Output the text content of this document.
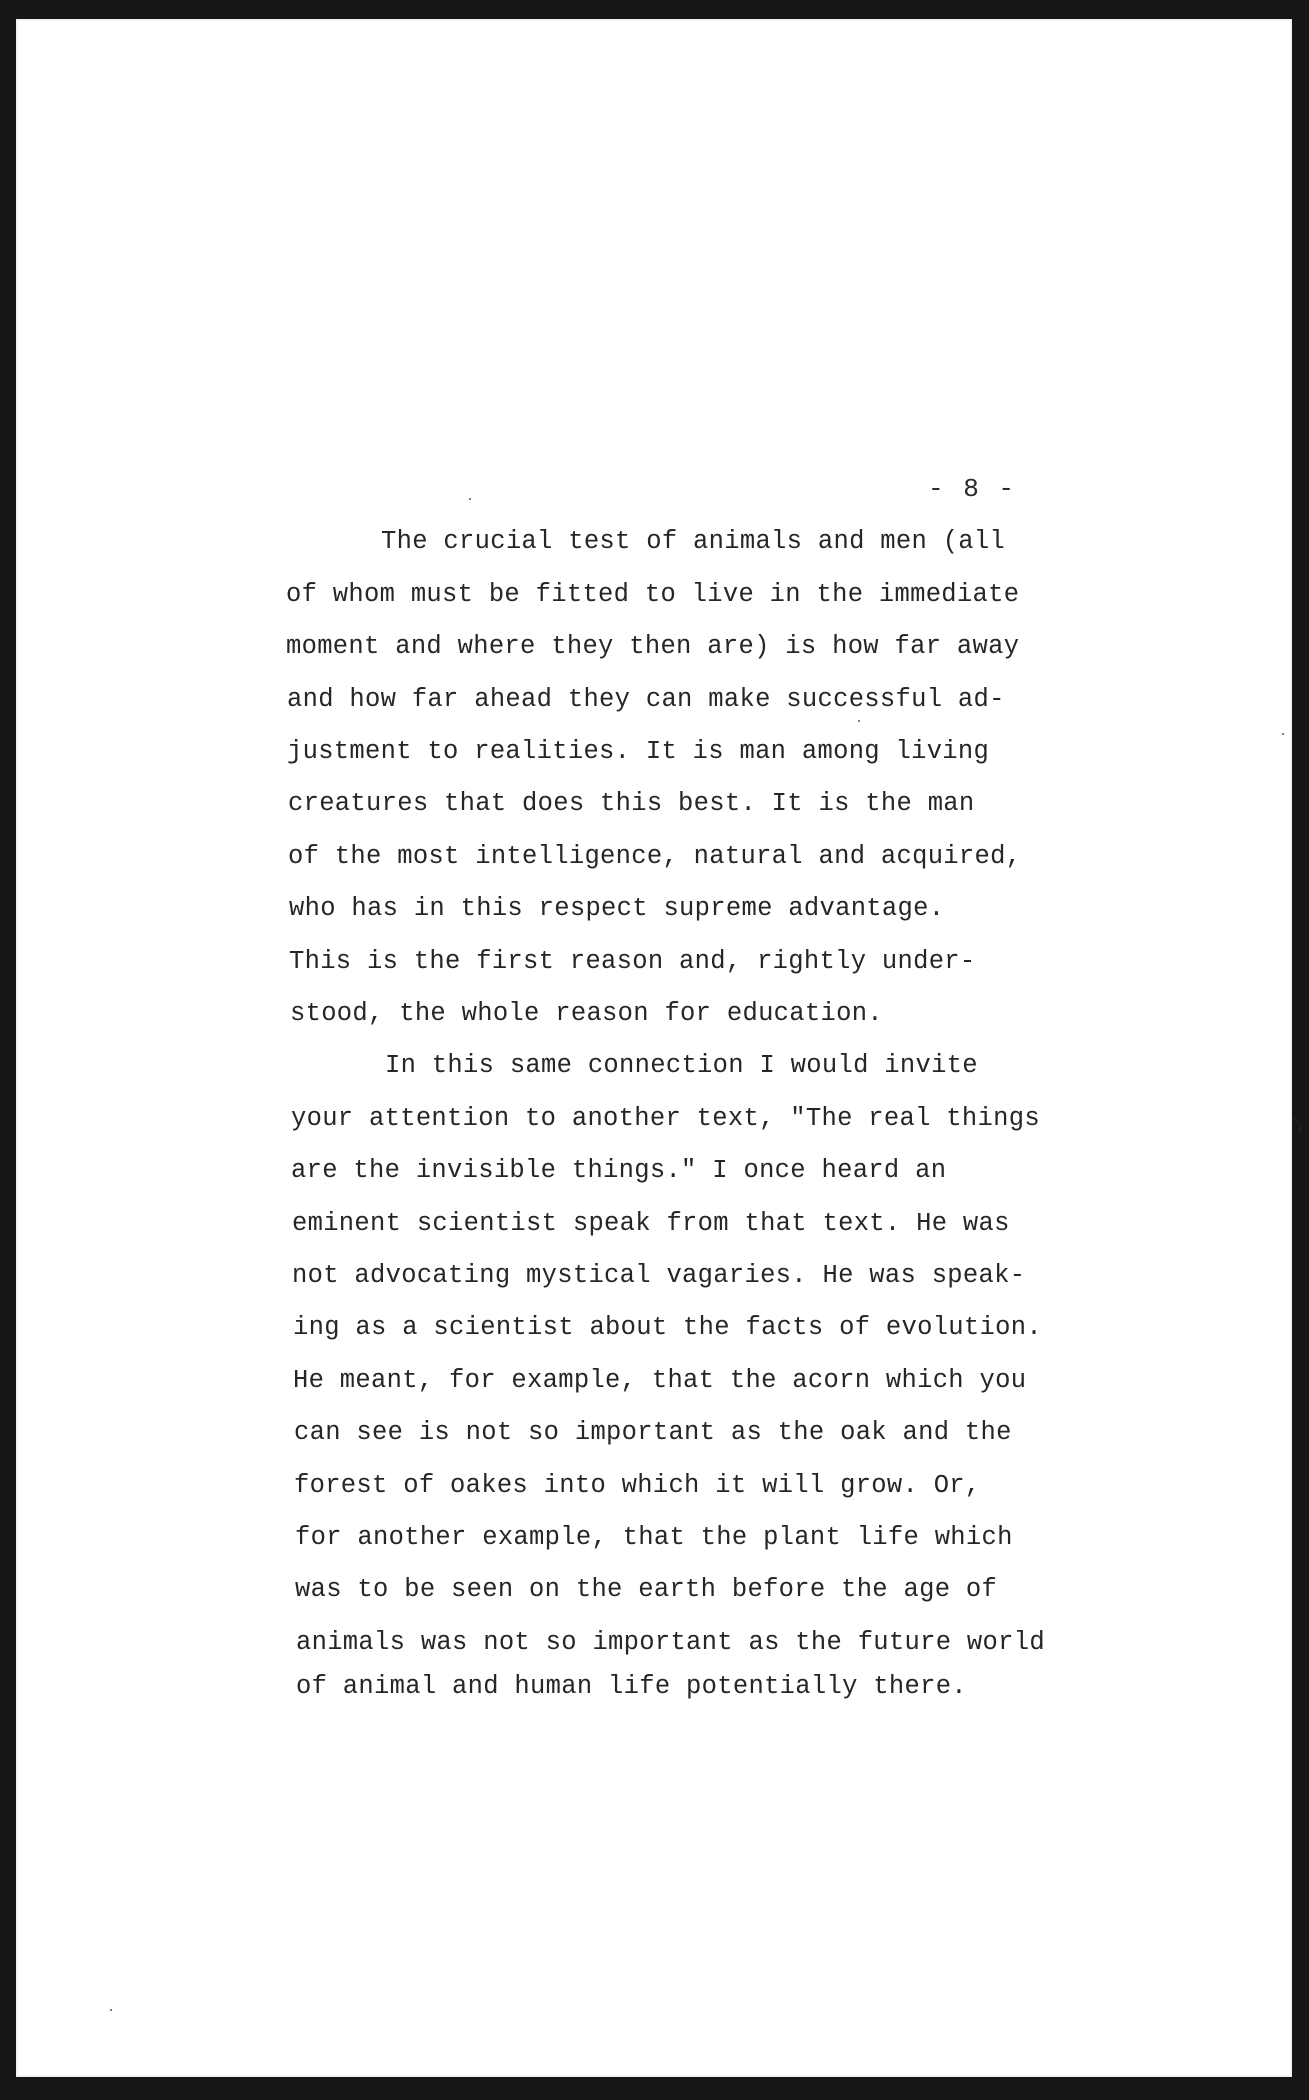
- 8 -
The crucial test of animals and men (all
of whom must be fitted to live in the immediate
moment and where they then are) is how far away
and how far ahead they can make successful ad-
justment to realities. It is man among living
creatures that does this best. It is the man
of the most intelligence, natural and acquired,
who has in this respect supreme advantage.
This is the first reason and, rightly under-
stood, the whole reason for education.
In this same connection I would invite
your attention to another text, "The real things
are the invisible things." I once heard an
eminent scientist speak from that text. He was
not advocating mystical vagaries. He was speak-
ing as a scientist about the facts of evolution.
He meant, for example, that the acorn which you
can see is not so important as the oak and the
forest of oakes into which it will grow. Or,
for another example, that the plant life which
was to be seen on the earth before the age of
animals was not so important as the future world
of animal and human life potentially there.
